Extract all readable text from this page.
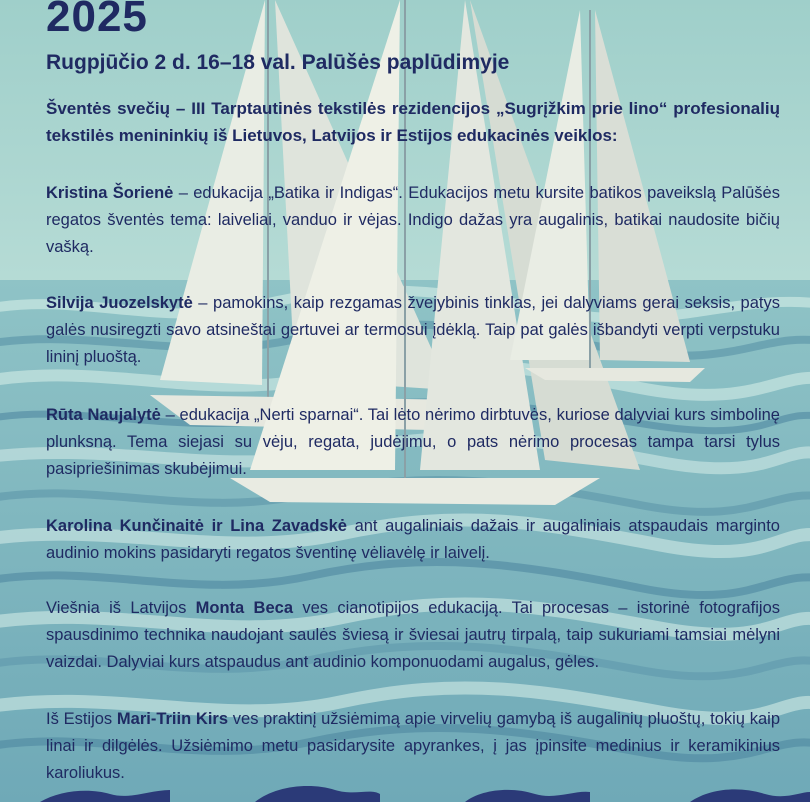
2025
Rugpjūčio 2 d. 16–18 val. Palūšės paplūdimyje

Šventės svečių – III Tarptautinės tekstilės rezidencijos „Sugrįžkim prie lino“ profesionalių tekstilės menininkių iš Lietuvos, Latvijos ir Estijos edukacinės veiklos:

Kristina Šorienė – edukacija „Batika ir Indigas“. Edukacijos metu kursite batikos paveikslą Palūšės regatos šventės tema: laiveliai, vanduo ir vėjas. Indigo dažas yra augalinis, batikai naudosite bičių vašką.

Silvija Juozelskytė – pamokins, kaip rezgamas žvejybinis tinklas, jei dalyviams gerai seksis, patys galės nusiregzti savo atsineštai gertuvei ar termosui įdėklą. Taip pat galės išbandyti verpti verpstuku lininį pluoštą.

Rūta Naujalytė – edukacija „Nerti sparnai“. Tai lėto nėrimo dirbtuvės, kuriose dalyviai kurs simbolinę plunksną. Tema siejasi su vėju, regata, judėjimu, o pats nėrimo procesas tampa tarsi tylus pasipriešinimas skubėjimui.

Karolina Kunčinaitė ir Lina Zavadskė ant augaliniais dažais ir augaliniais atspaudais marginto audinio mokins pasidaryti regatos šventinę vėliavėlę ir laivelį.

Viešnia iš Latvijos Monta Beca ves cianotipijos edukaciją. Tai procesas – istorinė fotografijos spausdinimo technika naudojant saulės šviesą ir šviesai jautrų tirpalą, taip sukuriami tamsiai mėlyni vaizdai. Dalyviai kurs atspaudus ant audinio komponuodami augalus, gėles.

Iš Estijos Mari-Triin Kirs ves praktinį užsiėmimą apie virvelių gamybą iš augalinių pluoštų, tokių kaip linai ir dilgėlės. Užsiėmimo metu pasidarysite apyrankes, į jas įpinsite medinius ir keramikinius karoliukus.
